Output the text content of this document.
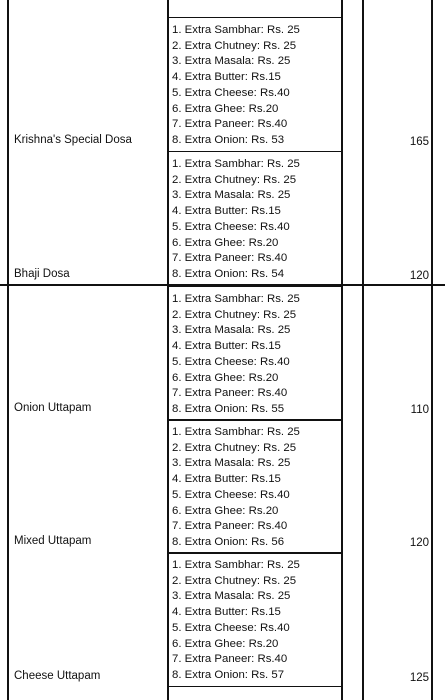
1. Extra Sambhar: Rs. 25
2. Extra Chutney: Rs. 25
3. Extra Masala: Rs. 25
4. Extra Butter: Rs.15
5. Extra Cheese: Rs.40
6. Extra Ghee: Rs.20
7. Extra Paneer: Rs.40
8. Extra Onion: Rs. 53
Krishna's Special Dosa	165
1. Extra Sambhar: Rs. 25
2. Extra Chutney: Rs. 25
3. Extra Masala: Rs. 25
4. Extra Butter: Rs.15
5. Extra Cheese: Rs.40
6. Extra Ghee: Rs.20
7. Extra Paneer: Rs.40
8. Extra Onion: Rs. 54
Bhaji Dosa	120
1. Extra Sambhar: Rs. 25
2. Extra Chutney: Rs. 25
3. Extra Masala: Rs. 25
4. Extra Butter: Rs.15
5. Extra Cheese: Rs.40
6. Extra Ghee: Rs.20
7. Extra Paneer: Rs.40
8. Extra Onion: Rs. 55
Onion Uttapam	110
1. Extra Sambhar: Rs. 25
2. Extra Chutney: Rs. 25
3. Extra Masala: Rs. 25
4. Extra Butter: Rs.15
5. Extra Cheese: Rs.40
6. Extra Ghee: Rs.20
7. Extra Paneer: Rs.40
8. Extra Onion: Rs. 56
Mixed Uttapam	120
1. Extra Sambhar: Rs. 25
2. Extra Chutney: Rs. 25
3. Extra Masala: Rs. 25
4. Extra Butter: Rs.15
5. Extra Cheese: Rs.40
6. Extra Ghee: Rs.20
7. Extra Paneer: Rs.40
8. Extra Onion: Rs. 57
Cheese Uttapam	125
